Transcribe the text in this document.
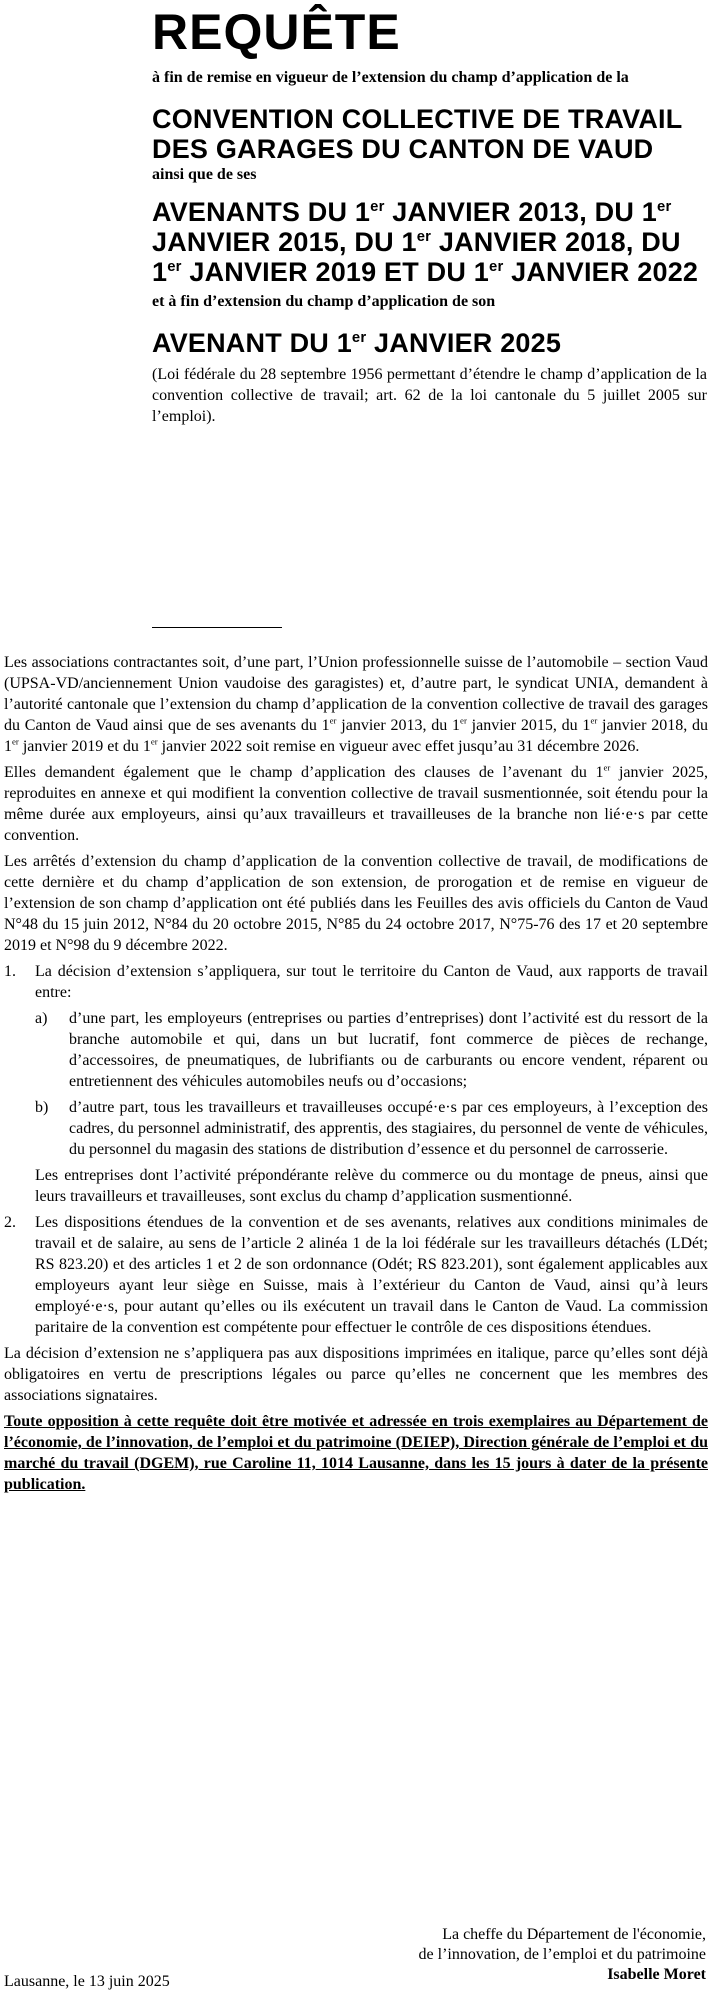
REQUÊTE

à fin de remise en vigueur de l’extension du champ d’application de la

CONVENTION COLLECTIVE DE TRAVAIL DES GARAGES DU CANTON DE VAUD

ainsi que de ses

AVENANTS DU 1er JANVIER 2013, DU 1er JANVIER 2015, DU 1er JANVIER 2018, DU 1er JANVIER 2019 ET DU 1er JANVIER 2022

et à fin d’extension du champ d’application de son

AVENANT DU 1er JANVIER 2025

(Loi fédérale du 28 septembre 1956 permettant d’étendre le champ d’application de la convention collective de travail; art. 62 de la loi cantonale du 5 juillet 2005 sur l’emploi).

Les associations contractantes soit, d’une part, l’Union professionnelle suisse de l’automobile – section Vaud (UPSA-VD/anciennement Union vaudoise des garagistes) et, d’autre part, le syndicat UNIA, demandent à l’autorité cantonale que l’extension du champ d’application de la convention collective de travail des garages du Canton de Vaud ainsi que de ses avenants du 1er janvier 2013, du 1er janvier 2015, du 1er janvier 2018, du 1er janvier 2019 et du 1er janvier 2022 soit remise en vigueur avec effet jusqu’au 31 décembre 2026.

Elles demandent également que le champ d’application des clauses de l’avenant du 1er janvier 2025, reproduites en annexe et qui modifient la convention collective de travail susmentionnée, soit étendu pour la même durée aux employeurs, ainsi qu’aux travailleurs et travailleuses de la branche non lié·e·s par cette convention.

Les arrêtés d’extension du champ d’application de la convention collective de travail, de modifications de cette dernière et du champ d’application de son extension, de prorogation et de remise en vigueur de l’extension de son champ d’application ont été publiés dans les Feuilles des avis officiels du Canton de Vaud N°48 du 15 juin 2012, N°84 du 20 octobre 2015, N°85 du 24 octobre 2017, N°75-76 des 17 et 20 septembre 2019 et N°98 du 9 décembre 2022.

1. La décision d’extension s’appliquera, sur tout le territoire du Canton de Vaud, aux rapports de travail entre:
a) d’une part, les employeurs (entreprises ou parties d’entreprises) dont l’activité est du ressort de la branche automobile et qui, dans un but lucratif, font commerce de pièces de rechange, d’accessoires, de pneumatiques, de lubrifiants ou de carburants ou encore vendent, réparent ou entretiennent des véhicules automobiles neufs ou d’occasions;
b) d’autre part, tous les travailleurs et travailleuses occupé·e·s par ces employeurs, à l’exception des cadres, du personnel administratif, des apprentis, des stagiaires, du personnel de vente de véhicules, du personnel du magasin des stations de distribution d’essence et du personnel de carrosserie.

Les entreprises dont l’activité prépondérante relève du commerce ou du montage de pneus, ainsi que leurs travailleurs et travailleuses, sont exclus du champ d’application susmentionné.

2. Les dispositions étendues de la convention et de ses avenants, relatives aux conditions minimales de travail et de salaire, au sens de l’article 2 alinéa 1 de la loi fédérale sur les travailleurs détachés (LDét; RS 823.20) et des articles 1 et 2 de son ordonnance (Odét; RS 823.201), sont également applicables aux employeurs ayant leur siège en Suisse, mais à l’extérieur du Canton de Vaud, ainsi qu’à leurs employé·e·s, pour autant qu’elles ou ils exécutent un travail dans le Canton de Vaud. La commission paritaire de la convention est compétente pour effectuer le contrôle de ces dispositions étendues.

La décision d’extension ne s’appliquera pas aux dispositions imprimées en italique, parce qu’elles sont déjà obligatoires en vertu de prescriptions légales ou parce qu’elles ne concernent que les membres des associations signataires.

Toute opposition à cette requête doit être motivée et adressée en trois exemplaires au Département de l’économie, de l’innovation, de l’emploi et du patrimoine (DEIEP), Direction générale de l’emploi et du marché du travail (DGEM), rue Caroline 11, 1014 Lausanne, dans les 15 jours à dater de la présente publication.

La cheffe du Département de l'économie,
de l’innovation, de l’emploi et du patrimoine
Isabelle Moret
Lausanne, le 13 juin 2025
